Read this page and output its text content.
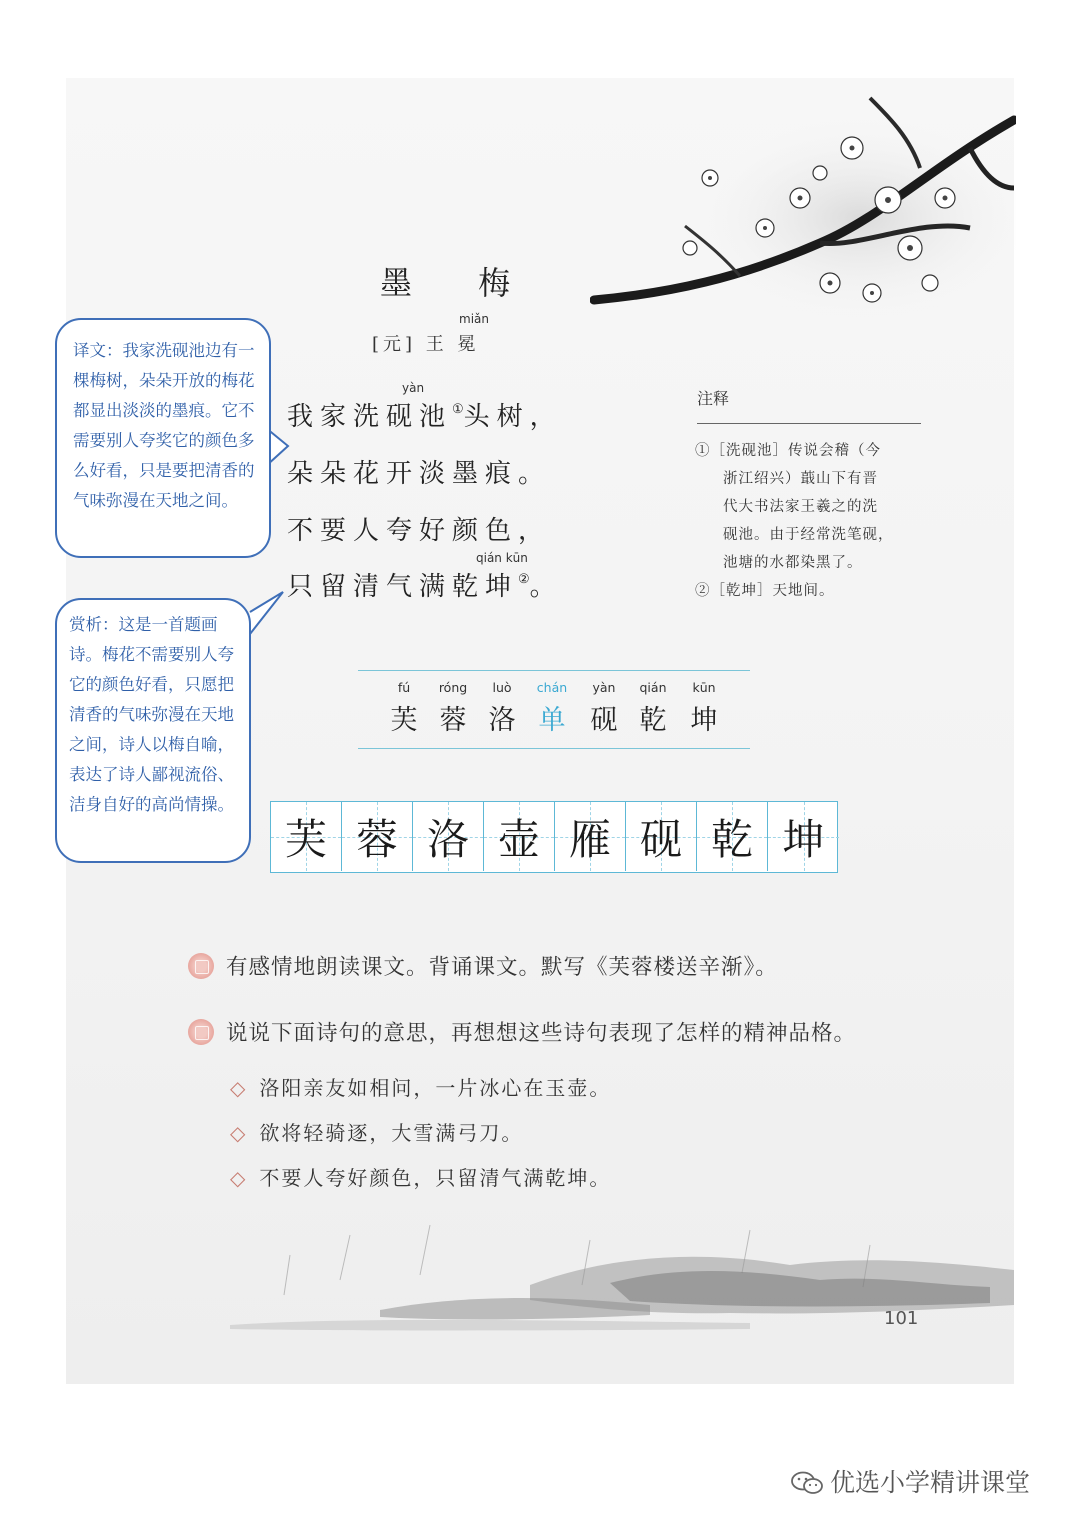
墨 梅
miǎn
[元] 王 冕
yàn
我家洗砚池①头树，
朵朵花开淡墨痕。
不要人夸好颜色，
qián kūn
只留清气满乾坤②。
注释

①［洗砚池］传说会稽（今

浙江绍兴）蕺山下有晋

代大书法家王羲之的洗

砚池。由于经常洗笔砚，

池塘的水都染黑了。

②［乾坤］天地间。

译文：我家洗砚池边有一棵梅树，朵朵开放的梅花都显出淡淡的墨痕。它不需要别人夸奖它的颜色多么好看，只是要把清香的气味弥漫在天地之间。
赏析：这是一首题画诗。梅花不需要别人夸它的颜色好看，只愿把清香的气味弥漫在天地之间，诗人以梅自喻，表达了诗人鄙视流俗、洁身自好的高尚情操。
fú
芙
róng
蓉
luò
洛
chán
单
yàn
砚
qián
乾
kūn
坤
芙 蓉 洛 壶 雁 砚 乾 坤
有感情地朗读课文。背诵课文。默写《芙蓉楼送辛渐》。
说说下面诗句的意思，再想想这些诗句表现了怎样的精神品格。
◇ 洛阳亲友如相问，一片冰心在玉壶。
◇ 欲将轻骑逐，大雪满弓刀。
◇ 不要人夸好颜色，只留清气满乾坤。
101
优选小学精讲课堂
